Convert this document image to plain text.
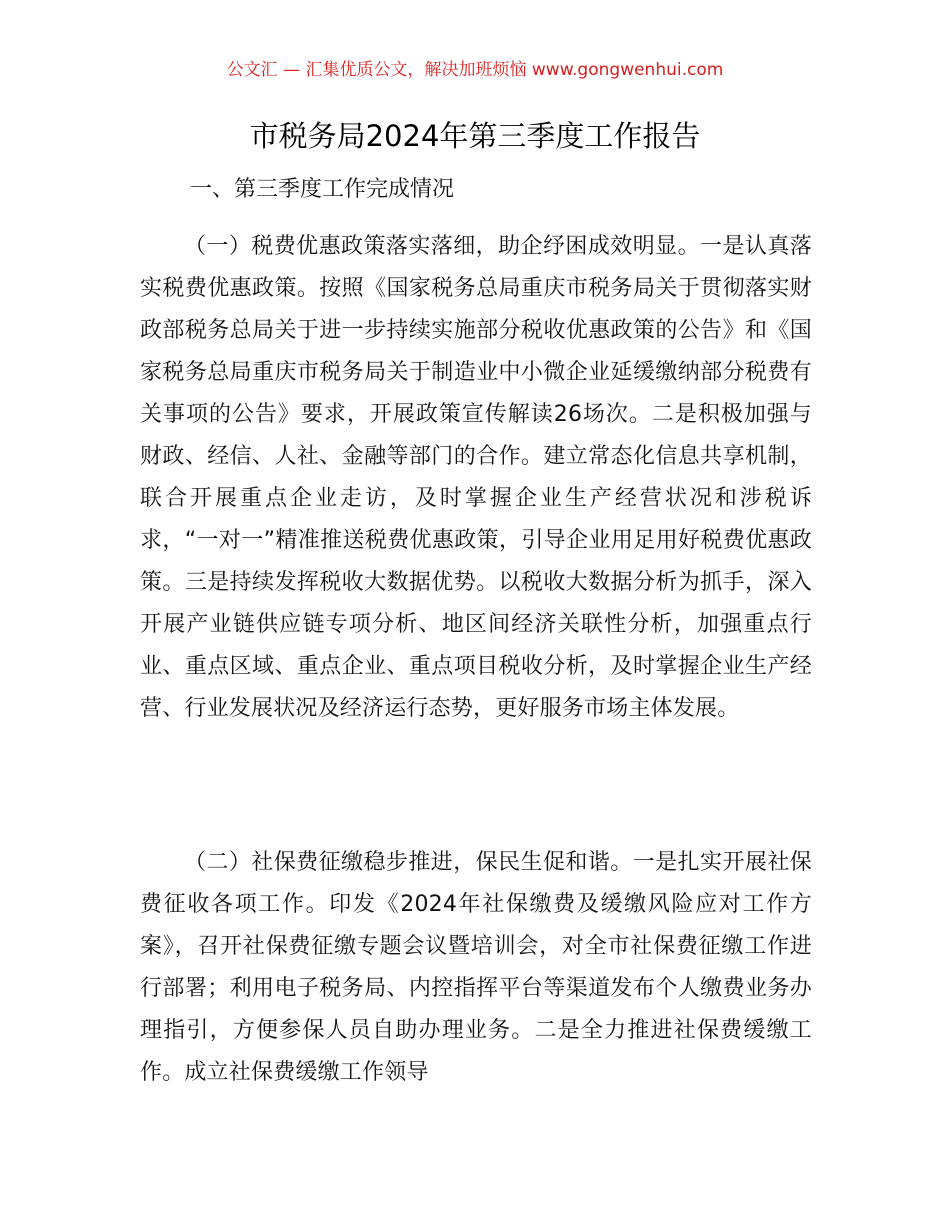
公文汇 — 汇集优质公文，解决加班烦恼 www.gongwenhui.com
市税务局2024年第三季度工作报告
一、第三季度工作完成情况

（一）税费优惠政策落实落细，助企纾困成效明显。一是认真落实税费优惠政策。按照《国家税务总局重庆市税务局关于贯彻落实财政部税务总局关于进一步持续实施部分税收优惠政策的公告》和《国家税务总局重庆市税务局关于制造业中小微企业延缓缴纳部分税费有关事项的公告》要求，开展政策宣传解读26场次。二是积极加强与财政、经信、人社、金融等部门的合作。建立常态化信息共享机制，联合开展重点企业走访，及时掌握企业生产经营状况和涉税诉求，“一对一”精准推送税费优惠政策，引导企业用足用好税费优惠政策。三是持续发挥税收大数据优势。以税收大数据分析为抓手，深入开展产业链供应链专项分析、地区间经济关联性分析，加强重点行业、重点区域、重点企业、重点项目税收分析，及时掌握企业生产经营、行业发展状况及经济运行态势，更好服务市场主体发展。

（二）社保费征缴稳步推进，保民生促和谐。一是扎实开展社保费征收各项工作。印发《2024年社保缴费及缓缴风险应对工作方案》，召开社保费征缴专题会议暨培训会，对全市社保费征缴工作进行部署；利用电子税务局、内控指挥平台等渠道发布个人缴费业务办理指引，方便参保人员自助办理业务。二是全力推进社保费缓缴工作。成立社保费缓缴工作领导
